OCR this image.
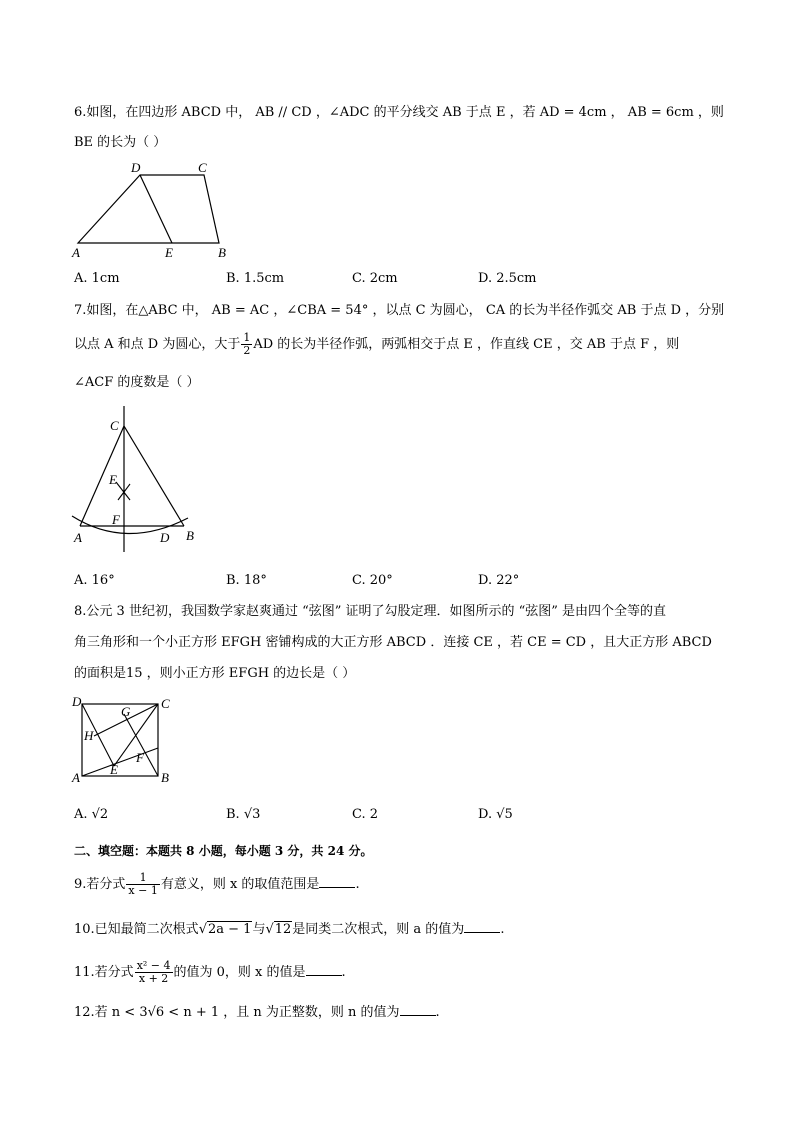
6.如图，在四边形 ABCD 中， AB // CD ，∠ADC 的平分线交 AB 于点 E ，若 AD = 4cm ， AB = 6cm ，则
BE 的长为（ ）
D	C
A	E	B
A. 1cm	B. 1.5cm	C. 2cm	D. 2.5cm
7.如图，在△ABC 中， AB = AC ，∠CBA = 54° ，以点 C 为圆心， CA 的长为半径作弧交 AB 于点 D ，分别
以点 A 和点 D 为圆心，大于 $\frac{1}{2}$ AD 的长为半径作弧，两弧相交于点 E ，作直线 CE ，交 AB 于点 F ，则
∠ACF 的度数是（ ）
C
E
F
A	D B
A. 16°	B. 18°	C. 20°	D. 22°
8.公元 3 世纪初，我国数学家赵爽通过 “弦图” 证明了勾股定理．如图所示的 “弦图” 是由四个全等的直
角三角形和一个小正方形 EFGH 密铺构成的大正方形 ABCD ．连接 CE ，若 CE = CD ，且大正方形 ABCD
的面积是15 ，则小正方形 EFGH 的边长是（ ）
D	C
G
H
F
E
A	B
A. √2	B. √3	C. 2	D. √5
二、填空题：本题共 8 小题，每小题 3 分，共 24 分。
9.若分式 $\frac{1}{x - 1}$ 有意义，则 x 的取值范围是	.
10.已知最简二次根式√2a − 1与√12是同类二次根式，则 a 的值为	.
11.若分式 $\frac{\text{x² − 4}}{x + 2}$ 的值为 0，则 x 的值是	.
12.若 n < 3√6 < n + 1 ，且 n 为正整数，则 n 的值为	.
